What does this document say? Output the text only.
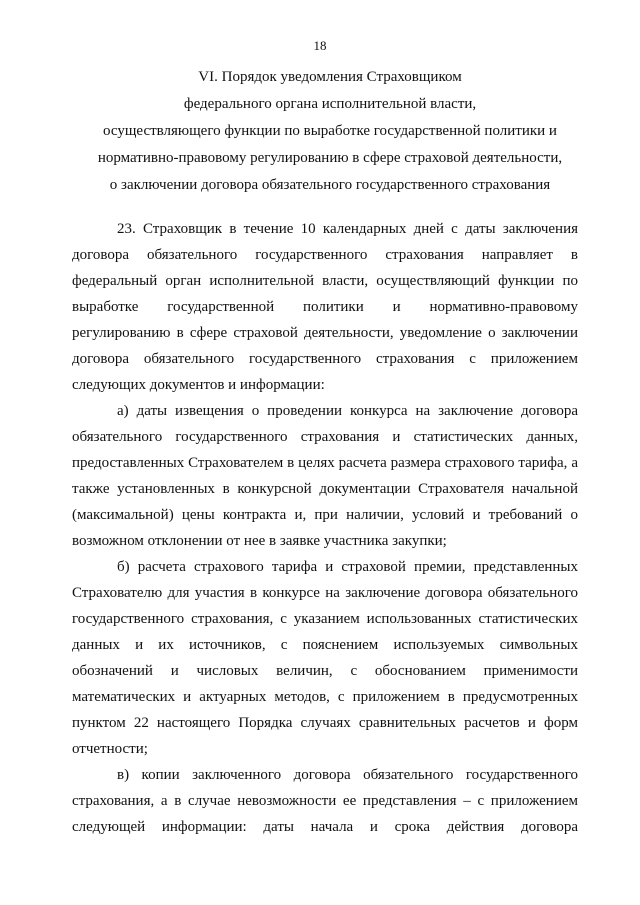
18
VI. Порядок уведомления Страховщиком
федерального органа исполнительной власти,
осуществляющего функции по выработке государственной политики и
нормативно-правовому регулированию в сфере страховой деятельности,
о заключении договора обязательного государственного страхования
23. Страховщик в течение 10 календарных дней с даты заключения
договора обязательного государственного страхования направляет в
федеральный орган исполнительной власти, осуществляющий функции по
выработке государственной политики и нормативно-правовому
регулированию в сфере страховой деятельности, уведомление о заключении
договора обязательного государственного страхования с приложением
следующих документов и информации:
а) даты извещения о проведении конкурса на заключение договора
обязательного государственного страхования и статистических данных,
предоставленных Страхователем в целях расчета размера страхового тарифа, а
также установленных в конкурсной документации Страхователя начальной
(максимальной) цены контракта и, при наличии, условий и требований о
возможном отклонении от нее в заявке участника закупки;
б) расчета страхового тарифа и страховой премии, представленных
Страхователю для участия в конкурсе на заключение договора обязательного
государственного страхования, с указанием использованных статистических
данных и их источников, с пояснением используемых символьных
обозначений и числовых величин, с обоснованием применимости
математических и актуарных методов, с приложением в предусмотренных
пунктом 22 настоящего Порядка случаях сравнительных расчетов и форм
отчетности;
в) копии заключенного договора обязательного государственного
страхования, а в случае невозможности ее представления – с приложением
следующей информации: даты начала и срока действия договора
